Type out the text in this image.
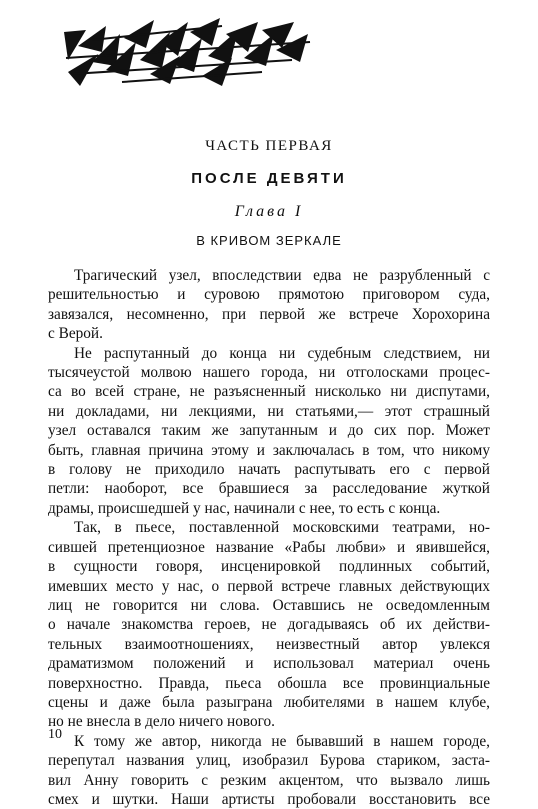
ЧАСТЬ ПЕРВАЯ
ПОСЛЕ ДЕВЯТИ
Глава I
В КРИВОМ ЗЕРКАЛЕ

Трагический узел, впоследствии едва не разрубленный с
решительностью и суровою прямотою приговором суда,
завязался, несомненно, при первой же встрече Хорохорина
с Верой.

Не распутанный до конца ни судебным следствием, ни
тысячеустой молвою нашего города, ни отголосками процес-
са во всей стране, не разъясненный нисколько ни диспутами,
ни докладами, ни лекциями, ни статьями,— этот страшный
узел оставался таким же запутанным и до сих пор. Может
быть, главная причина этому и заключалась в том, что никому
в голову не приходило начать распутывать его с первой
петли: наоборот, все бравшиеся за расследование жуткой
драмы, происшедшей у нас, начинали с нее, то есть с конца.

Так, в пьесе, поставленной московскими театрами, но-
сившей претенциозное название «Рабы любви» и явившейся,
в сущности говоря, инсценировкой подлинных событий,
имевших место у нас, о первой встрече главных действующих
лиц не говорится ни слова. Оставшись не осведомленным
о начале знакомства героев, не догадываясь об их действи-
тельных взаимоотношениях, неизвестный автор увлекся
драматизмом положений и использовал материал очень
поверхностно. Правда, пьеса обошла все провинциальные
сцены и даже была разыграна любителями в нашем клубе,
но не внесла в дело ничего нового.

К тому же автор, никогда не бывавший в нашем городе,
перепутал названия улиц, изобразил Бурова стариком, застa-
вил Анну говорить с резким акцентом, что вызвало лишь
смех и шутки. Наши артисты пробовали восстановить все

10
